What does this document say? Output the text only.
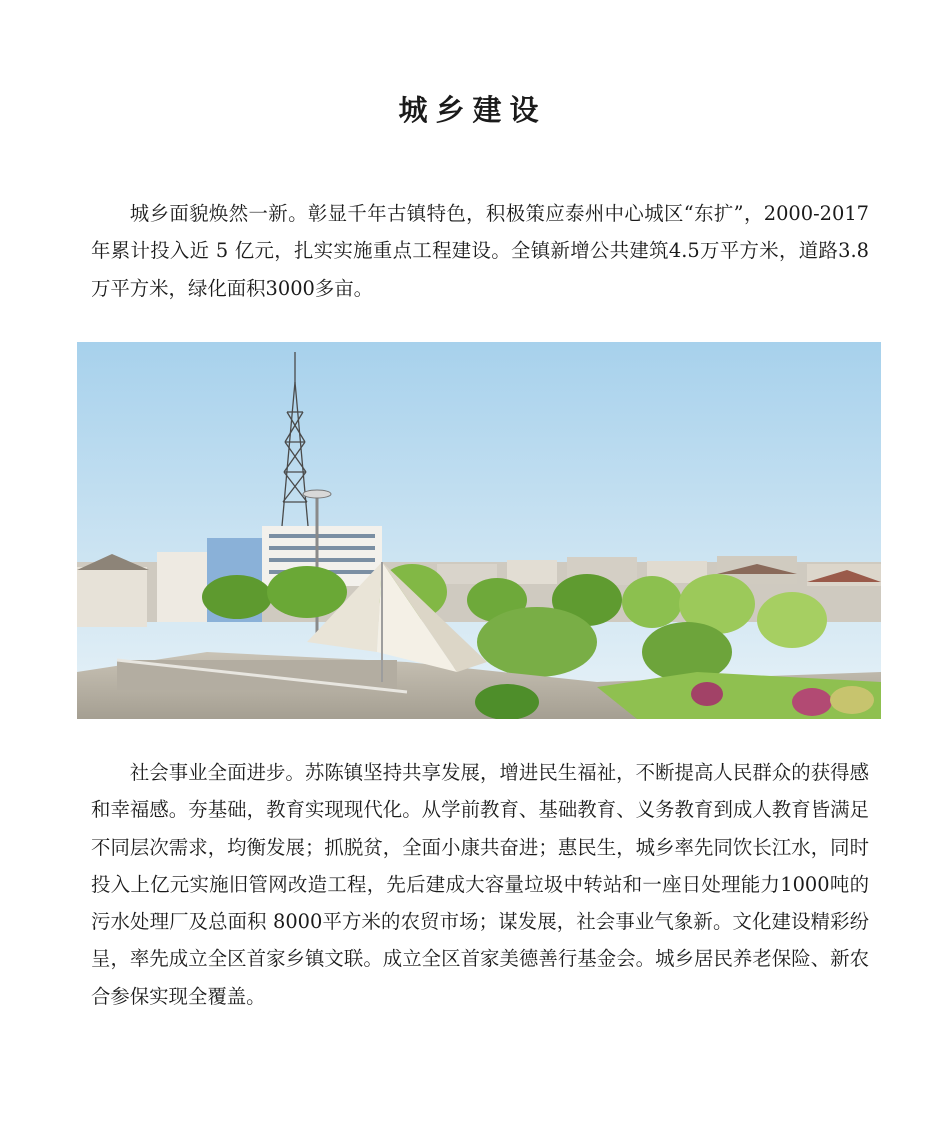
城乡建设

城乡面貌焕然一新。彰显千年古镇特色，积极策应泰州中心城区“东扩”，2000-2017年累计投入近 5 亿元，扎实实施重点工程建设。全镇新增公共建筑4.5万平方米，道路3.8万平方米，绿化面积3000多亩。

社会事业全面进步。苏陈镇坚持共享发展，增进民生福祉，不断提高人民群众的获得感和幸福感。夯基础，教育实现现代化。从学前教育、基础教育、义务教育到成人教育皆满足不同层次需求，均衡发展；抓脱贫，全面小康共奋进；惠民生，城乡率先同饮长江水，同时投入上亿元实施旧管网改造工程，先后建成大容量垃圾中转站和一座日处理能力1000吨的污水处理厂及总面积 8000平方米的农贸市场；谋发展，社会事业气象新。文化建设精彩纷呈，率先成立全区首家乡镇文联。成立全区首家美德善行基金会。城乡居民养老保险、新农合参保实现全覆盖。
